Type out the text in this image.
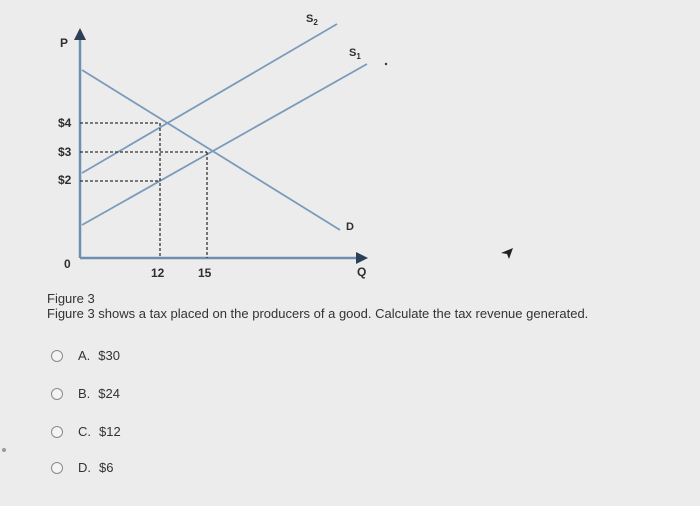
P
Q
0
$4
$3
$2
12	15
$S_2$
$S_1$
D
Figure 3
Figure 3 shows a tax placed on the producers of a good. Calculate the tax revenue generated.
A. $30
B. $24
C. $12
D. $6
